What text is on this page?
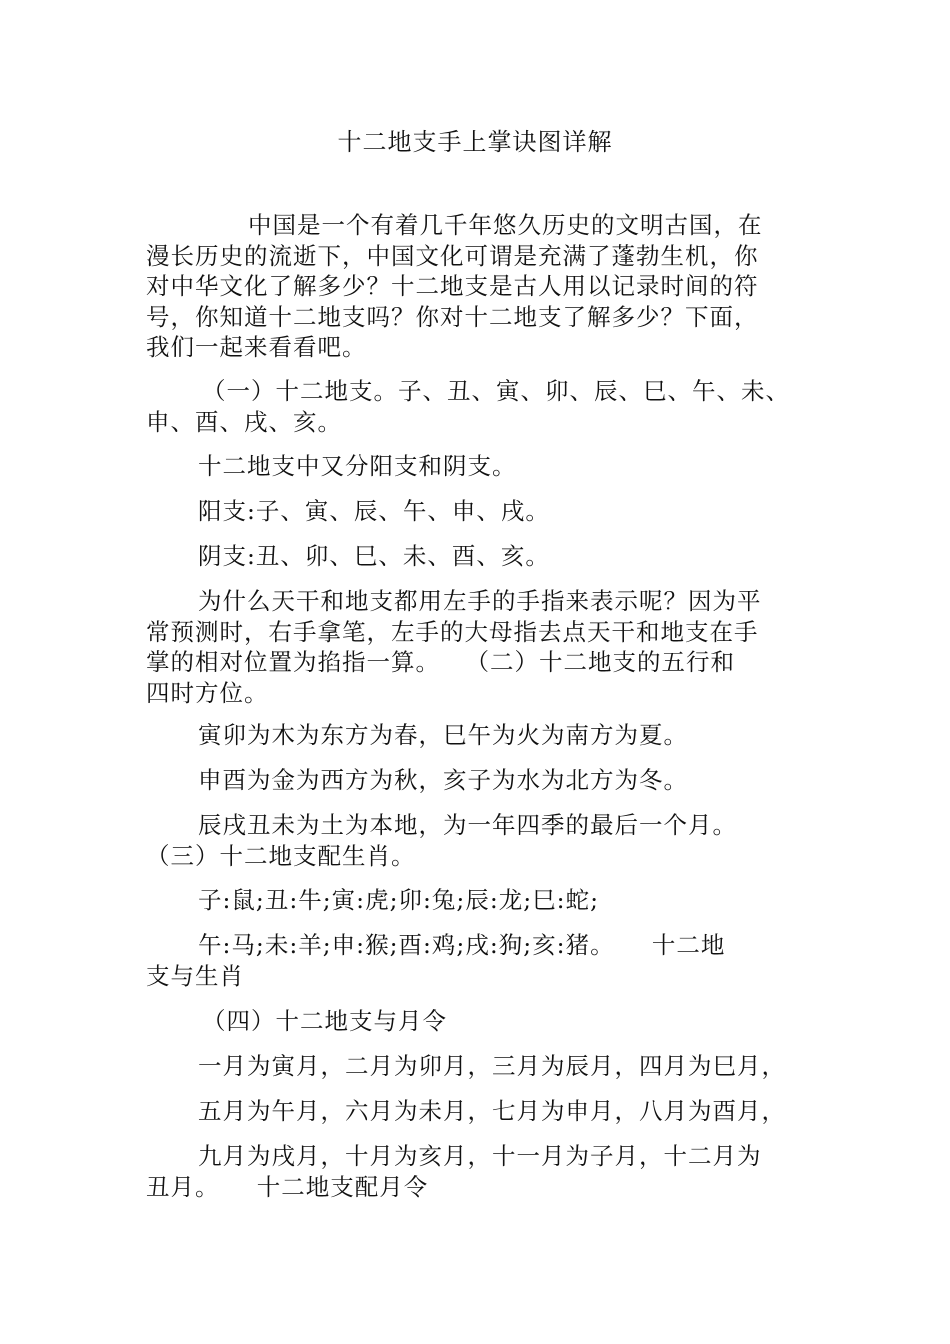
十二地支手上掌诀图详解
中国是一个有着几千年悠久历史的文明古国，在
漫长历史的流逝下，中国文化可谓是充满了蓬勃生机，你
对中华文化了解多少？十二地支是古人用以记录时间的符
号，你知道十二地支吗？你对十二地支了解多少？下面，
我们一起来看看吧。
（一）十二地支。子、丑、寅、卯、辰、巳、午、未、
申、酉、戌、亥。
十二地支中又分阳支和阴支。
阳支:子、寅、辰、午、申、戌。
阴支:丑、卯、巳、未、酉、亥。
为什么天干和地支都用左手的手指来表示呢？因为平
常预测时，右手拿笔，左手的大母指去点天干和地支在手
掌的相对位置为掐指一算。　　（二）十二地支的五行和
四时方位。
寅卯为木为东方为春，巳午为火为南方为夏。
申酉为金为西方为秋，亥子为水为北方为冬。
辰戌丑未为土为本地，为一年四季的最后一个月。
（三）十二地支配生肖。
子:鼠;丑:牛;寅:虎;卯:兔;辰:龙;巳:蛇;
午:马;未:羊;申:猴;酉:鸡;戌:狗;亥:猪。　　十二地
支与生肖
（四）十二地支与月令
一月为寅月，二月为卯月，三月为辰月，四月为巳月，
五月为午月，六月为未月，七月为申月，八月为酉月，
九月为戌月，十月为亥月，十一月为子月，十二月为
丑月。　　十二地支配月令
